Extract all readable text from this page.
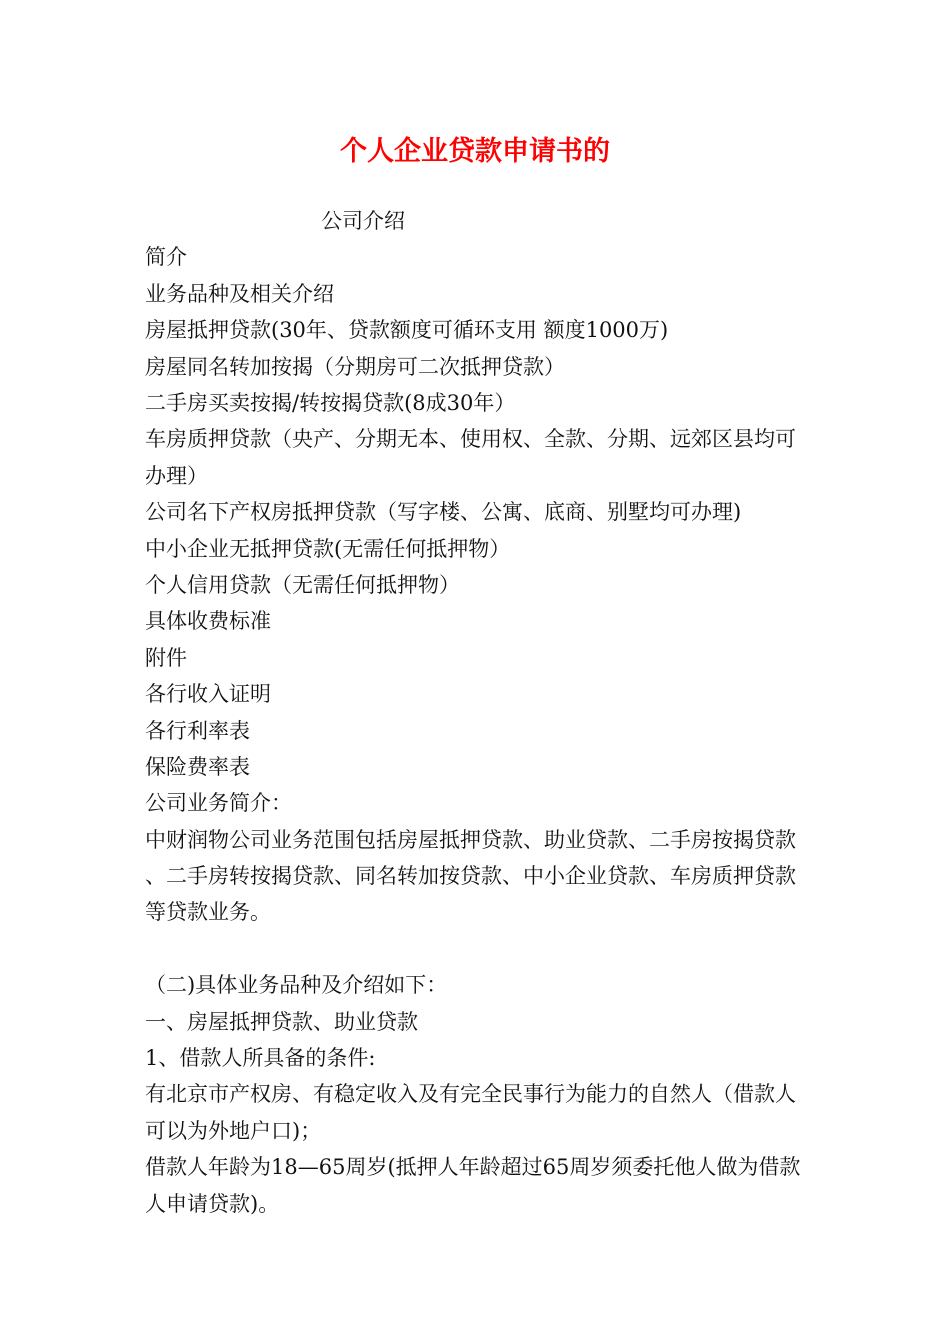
个人企业贷款申请书的
公司介绍
简介
业务品种及相关介绍
房屋抵押贷款(30年、贷款额度可循环支用 额度1000万)
房屋同名转加按揭（分期房可二次抵押贷款）
二手房买卖按揭/转按揭贷款(8成30年）
车房质押贷款（央产、分期无本、使用权、全款、分期、远郊区县均可办理）
公司名下产权房抵押贷款（写字楼、公寓、底商、别墅均可办理)
中小企业无抵押贷款(无需任何抵押物）
个人信用贷款（无需任何抵押物）
具体收费标准
附件
各行收入证明
各行利率表
保险费率表
公司业务简介：
中财润物公司业务范围包括房屋抵押贷款、助业贷款、二手房按揭贷款、二手房转按揭贷款、同名转加按贷款、中小企业贷款、车房质押贷款等贷款业务。
（二)具体业务品种及介绍如下：
一、房屋抵押贷款、助业贷款
1、借款人所具备的条件:
有北京市产权房、有稳定收入及有完全民事行为能力的自然人（借款人可以为外地户口)；
借款人年龄为18—65周岁(抵押人年龄超过65周岁须委托他人做为借款人申请贷款)。
